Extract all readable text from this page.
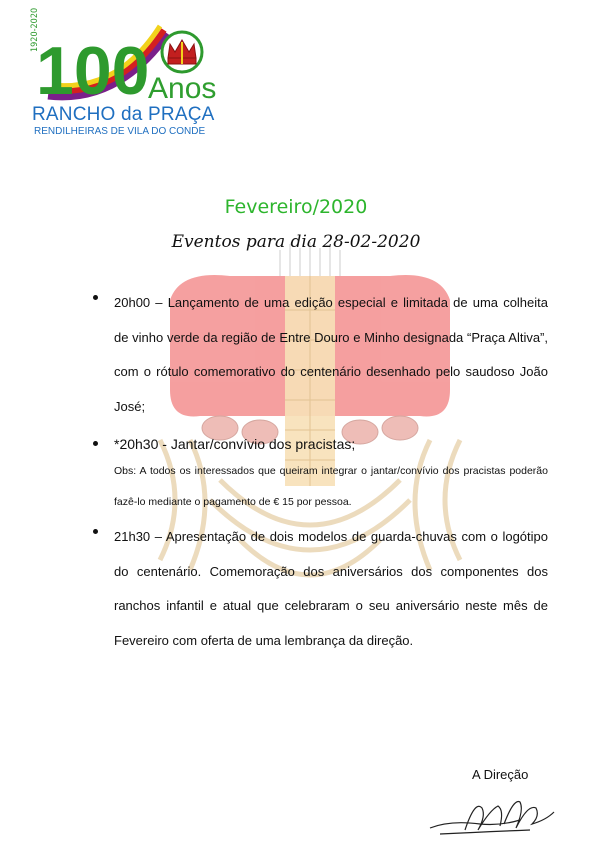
100
1920-2020
Anos
RANCHO da PRAÇA
RENDILHEIRAS DE VILA DO CONDE
Fevereiro/2020
Eventos para dia 28-02-2020
20h00 – Lançamento de uma edição especial e limitada de uma colheita de vinho verde da região de Entre Douro e Minho designada “Praça Altiva”, com o rótulo comemorativo do centenário desenhado pelo saudoso João José;
*20h30 - Jantar/convívio dos pracistas;
Obs: A todos os interessados que queiram integrar o jantar/convívio dos pracistas poderão fazê-lo mediante o pagamento de € 15 por pessoa.
21h30 – Apresentação de dois modelos de guarda-chuvas com o logótipo do centenário. Comemoração dos aniversários dos componentes dos ranchos infantil e atual que celebraram o seu aniversário neste mês de Fevereiro com oferta de uma lembrança da direção.
A Direção
